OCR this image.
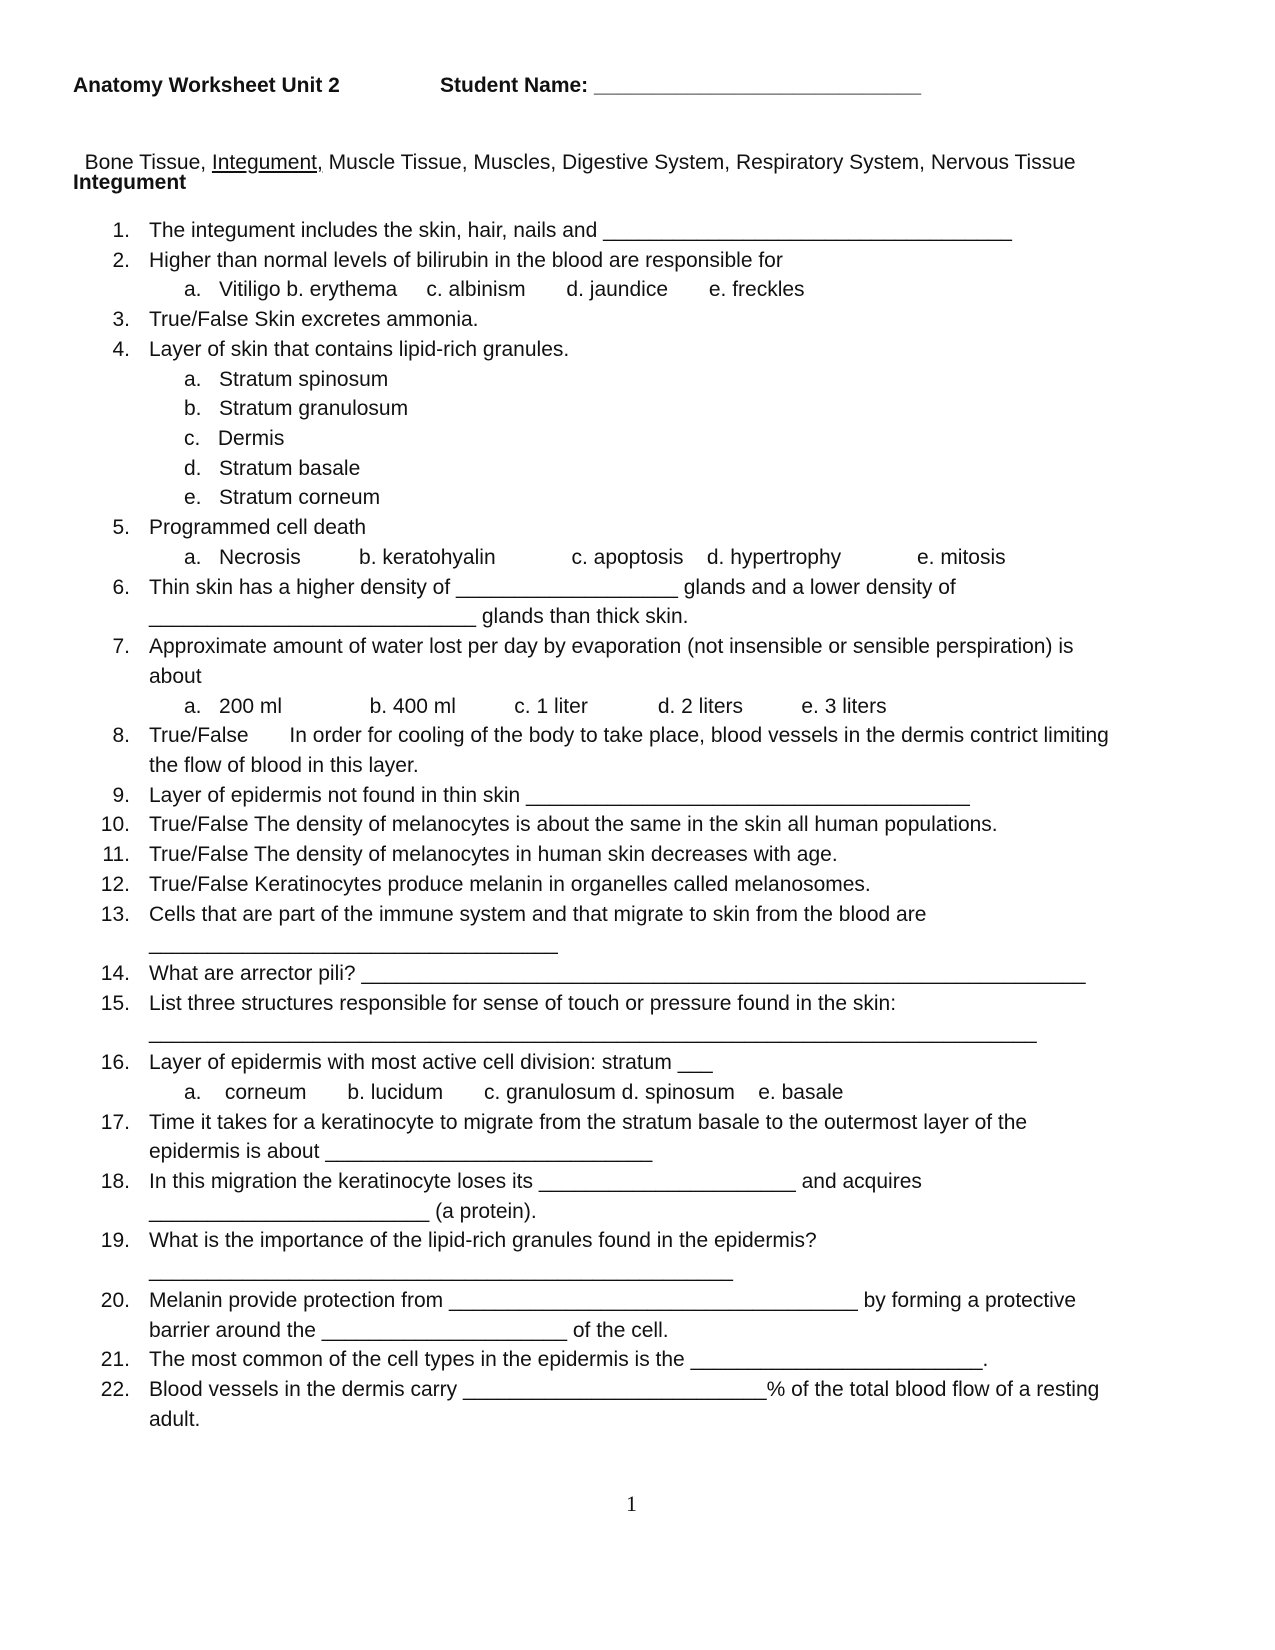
Anatomy Worksheet Unit 2	Student Name: ____________________________

Bone Tissue, Integument, Muscle Tissue, Muscles, Digestive System, Respiratory System, Nervous Tissue

Integument
1. The integument includes the skin, hair, nails and ___________________________________
2. Higher than normal levels of bilirubin in the blood are responsible for
a.   Vitiligo b. erythema     c. albinism       d. jaundice       e. freckles
3. True/False Skin excretes ammonia.
4. Layer of skin that contains lipid-rich granules.
a.   Stratum spinosum
b.   Stratum granulosum
c.   Dermis
d.   Stratum basale
e.   Stratum corneum
5. Programmed cell death
a.   Necrosis          b. keratohyalin             c. apoptosis    d. hypertrophy             e. mitosis
6. Thin skin has a higher density of ___________________ glands and a lower density of
____________________________ glands than thick skin.
7. Approximate amount of water lost per day by evaporation (not insensible or sensible perspiration) is
about
a.   200 ml               b. 400 ml          c. 1 liter            d. 2 liters          e. 3 liters
8. True/False       In order for cooling of the body to take place, blood vessels in the dermis contrict limiting
the flow of blood in this layer.
9. Layer of epidermis not found in thin skin ______________________________________
10. True/False The density of melanocytes is about the same in the skin all human populations.
11. True/False The density of melanocytes in human skin decreases with age.
12. True/False Keratinocytes produce melanin in organelles called melanosomes.
13. Cells that are part of the immune system and that migrate to skin from the blood are
___________________________________
14. What are arrector pili? ______________________________________________________________
15. List three structures responsible for sense of touch or pressure found in the skin:
____________________________________________________________________________
16. Layer of epidermis with most active cell division: stratum ___
a.    corneum       b. lucidum       c. granulosum d. spinosum    e. basale
17. Time it takes for a keratinocyte to migrate from the stratum basale to the outermost layer of the
epidermis is about ____________________________
18. In this migration the keratinocyte loses its ______________________ and acquires
________________________ (a protein).
19. What is the importance of the lipid-rich granules found in the epidermis?
__________________________________________________
20. Melanin provide protection from ___________________________________ by forming a protective
barrier around the _____________________ of the cell.
21. The most common of the cell types in the epidermis is the _________________________.
22. Blood vessels in the dermis carry __________________________% of the total blood flow of a resting
adult.
1
